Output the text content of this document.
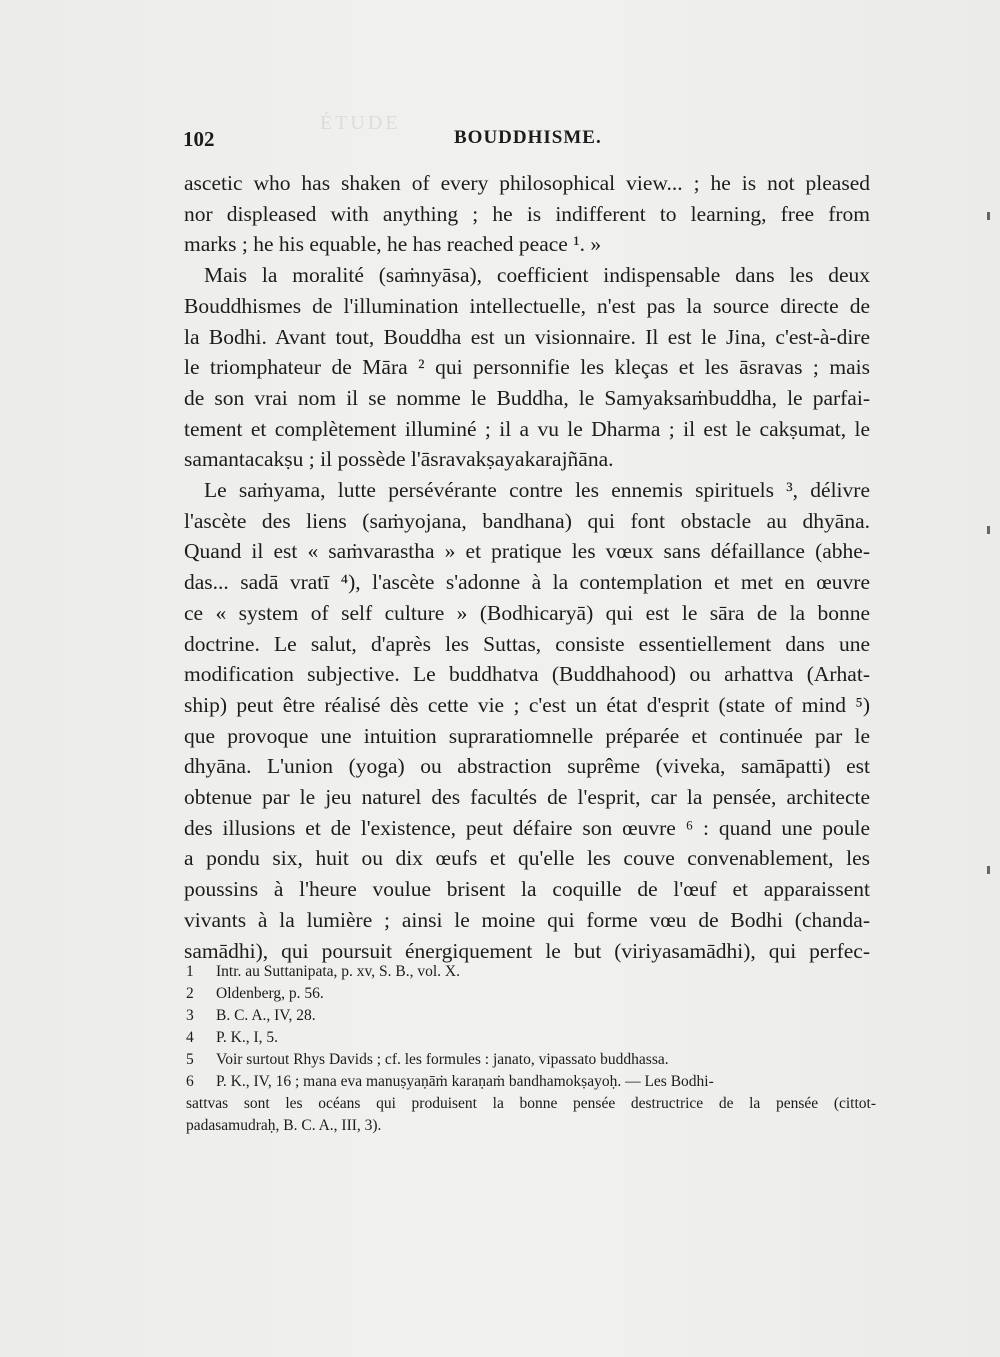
ÉTUDE
102	BOUDDHISME.

ascetic who has shaken of every philosophical view... ; he is not pleased

nor displeased with anything ; he is indifferent to learning, free from

marks ; he his equable, he has reached peace ¹. »

Mais la moralité (saṁnyāsa), coefficient indispensable dans les deux

Bouddhismes de l'illumination intellectuelle, n'est pas la source directe de

la Bodhi. Avant tout, Bouddha est un visionnaire. Il est le Jina, c'est-à-dire

le triomphateur de Māra ² qui personnifie les kleças et les āsravas ; mais

de son vrai nom il se nomme le Buddha, le Samyaksaṁbuddha, le parfai-

tement et complètement illuminé ; il a vu le Dharma ; il est le cakṣumat, le

samantacakṣu ; il possède l'āsravakṣayakarajñāna.

Le saṁyama, lutte persévérante contre les ennemis spirituels ³, délivre

l'ascète des liens (saṁyojana, bandhana) qui font obstacle au dhyāna.

Quand il est « saṁvarastha » et pratique les vœux sans défaillance (abhe-

das... sadā vratī ⁴), l'ascète s'adonne à la contemplation et met en œuvre

ce « system of self culture » (Bodhicaryā) qui est le sāra de la bonne

doctrine. Le salut, d'après les Suttas, consiste essentiellement dans une

modification subjective. Le buddhatva (Buddhahood) ou arhattva (Arhat-

ship) peut être réalisé dès cette vie ; c'est un état d'esprit (state of mind ⁵)

que provoque une intuition supraratiomnelle préparée et continuée par le

dhyāna. L'union (yoga) ou abstraction suprême (viveka, samāpatti) est

obtenue par le jeu naturel des facultés de l'esprit, car la pensée, architecte

des illusions et de l'existence, peut défaire son œuvre ⁶ : quand une poule

a pondu six, huit ou dix œufs et qu'elle les couve convenablement, les

poussins à l'heure voulue brisent la coquille de l'œuf et apparaissent

vivants à la lumière ; ainsi le moine qui forme vœu de Bodhi (chanda-

samādhi), qui poursuit énergiquement le but (viriyasamādhi), qui perfec-

1 Intr. au Suttanipata, p. xv, S. B., vol. X.

2 Oldenberg, p. 56.

3 B. C. A., IV, 28.

4 P. K., I, 5.

5 Voir surtout Rhys Davids ; cf. les formules : janato, vipassato buddhassa.

6 P. K., IV, 16 ; mana eva manuṣyaṇāṁ karaṇaṁ bandhamokṣayoḥ. — Les Bodhi-

sattvas sont les océans qui produisent la bonne pensée destructrice de la pensée (cittot-

padasamudraḥ, B. C. A., III, 3).
